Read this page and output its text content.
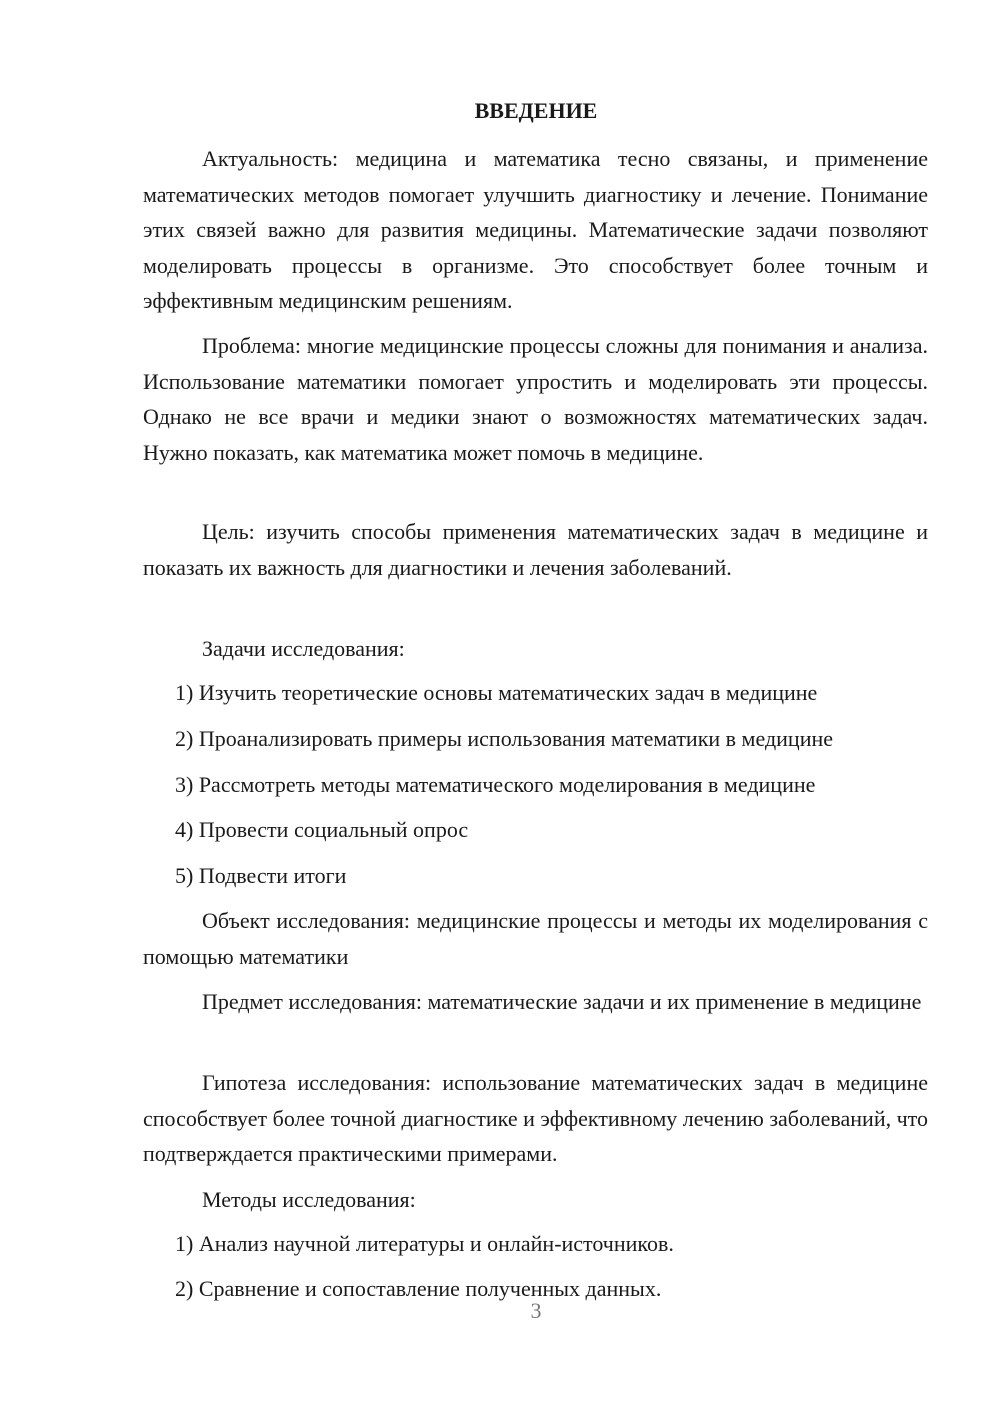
ВВЕДЕНИЕ

Актуальность: медицина и математика тесно связаны, и применение математических методов помогает улучшить диагностику и лечение. Понимание этих связей важно для развития медицины. Математические задачи позволяют моделировать процессы в организме. Это способствует более точным и эффективным медицинским решениям.

Проблема: многие медицинские процессы сложны для понимания и анализа. Использование математики помогает упростить и моделировать эти процессы. Однако не все врачи и медики знают о возможностях математических задач. Нужно показать, как математика может помочь в медицине.

Цель: изучить способы применения математических задач в медицине и показать их важность для диагностики и лечения заболеваний.

Задачи исследования:

1) Изучить теоретические основы математических задач в медицине

2) Проанализировать примеры использования математики в медицине

3) Рассмотреть методы математического моделирования в медицине

4) Провести социальный опрос

5) Подвести итоги

Объект исследования: медицинские процессы и методы их моделирования с помощью математики

Предмет исследования: математические задачи и их применение в медицине

Гипотеза исследования: использование математических задач в медицине способствует более точной диагностике и эффективному лечению заболеваний, что подтверждается практическими примерами.

Методы исследования:

1) Анализ научной литературы и онлайн-источников.

2) Сравнение и сопоставление полученных данных.

3
